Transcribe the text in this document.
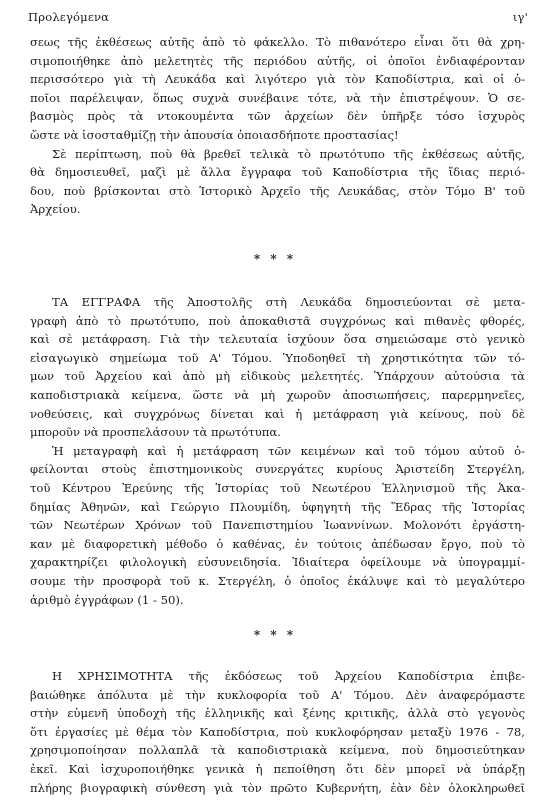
Προλεγόμενα	ιγ'
σεως τῆς ἐκθέσεως αὐτῆς ἀπὸ τὸ φάκελλο. Τὸ πιθανότερο εἶναι ὅτι θὰ χρη-
σιμοποιήθηκε ἀπὸ μελετητὲς τῆς περιόδου αὐτῆς, οἱ ὁποῖοι ἐνδιαφέρονταν
περισσότερο γιὰ τὴ Λευκάδα καὶ λιγότερο γιὰ τὸν Καποδίστρια, καὶ οἱ ὁ-
ποῖοι παρέλειψαν, ὅπως συχνὰ συνέβαινε τότε, νὰ τὴν ἐπιστρέψουν. Ὁ σε-
βασμὸς πρὸς τὰ ντοκουμέντα τῶν ἀρχείων δὲν ὑπῆρξε τόσο ἰσχυρὸς
ὥστε νὰ ἰσοσταθμίζῃ τὴν ἀπουσία ὁποιασδήποτε προστασίας!
Σὲ περίπτωση, ποὺ θὰ βρεθεῖ τελικὰ τὸ πρωτότυπο τῆς ἐκθέσεως αὐτῆς,
θὰ δημοσιευθεῖ, μαζὶ μὲ ἄλλα ἔγγραφα τοῦ Καποδίστρια τῆς ἴδιας περιό-
δου, ποὺ βρίσκονται στὸ Ἱστορικὸ Ἀρχεῖο τῆς Λευκάδας, στὸν Τόμο Β' τοῦ
Ἀρχείου.
* * *
ΤΑ ΕΓΓΡΑΦΑ τῆς Ἀποστολῆς στὴ Λευκάδα δημοσιεύονται σὲ μετα-
γραφὴ ἀπὸ τὸ πρωτότυπο, ποὺ ἀποκαθιστᾶ συγχρόνως καὶ πιθανὲς φθορές,
καὶ σὲ μετάφραση. Γιὰ τὴν τελευταία ἰσχύουν ὅσα σημειώσαμε στὸ γενικὸ
εἰσαγωγικὸ σημείωμα τοῦ Α' Τόμου. Ὑποδοηθεῖ τὴ χρηστικότητα τῶν τό-
μων τοῦ Ἀρχείου καὶ ἀπὸ μὴ εἰδικοὺς μελετητές. Ὑπάρχουν αὐτούσια τὰ
καποδιστριακὰ κείμενα, ὥστε νὰ μὴ χωροῦν ἀποσιωπήσεις, παρερμηνεῖες,
νοθεύσεις, καὶ συγχρόνως δίνεται καὶ ἡ μετάφραση γιὰ κείνους, ποὺ δὲ
μποροῦν νὰ προσπελάσουν τὰ πρωτότυπα.
Ἡ μεταγραφὴ καὶ ἡ μετάφραση τῶν κειμένων καὶ τοῦ τόμου αὐτοῦ ὀ-
φείλονται στοὺς ἐπιστημονικοὺς συνεργάτες κυρίους Ἀριστείδη Στεργέλη,
τοῦ Κέντρου Ἐρεύνης τῆς Ἱστορίας τοῦ Νεωτέρου Ἑλληνισμοῦ τῆς Ἀκα-
δημίας Ἀθηνῶν, καὶ Γεώργιο Πλουμίδη, ὑφηγητὴ τῆς Ἕδρας τῆς Ἱστορίας
τῶν Νεωτέρων Χρόνων τοῦ Πανεπιστημίου Ἰωαννίνων. Μολονότι ἐργάστη-
καν μὲ διαφορετικὴ μέθοδο ὁ καθένας, ἐν τούτοις ἀπέδωσαν ἔργο, ποὺ τὸ
χαρακτηρίζει φιλολογικὴ εὐσυνειδησία. Ἰδιαίτερα ὀφείλουμε νὰ ὑπογραμμί-
σουμε τὴν προσφορὰ τοῦ κ. Στεργέλη, ὁ ὁποῖος ἐκάλυψε καὶ τὸ μεγαλύτερο
ἀριθμὸ ἐγγράφων (1 - 50).
* * *
Η ΧΡΗΣΙΜΟΤΗΤΑ τῆς ἐκδόσεως τοῦ Ἀρχείου Καποδίστρια ἐπιβε-
βαιώθηκε ἀπόλυτα μὲ τὴν κυκλοφορία τοῦ Α' Τόμου. Δὲν ἀναφερόμαστε
στὴν εὐμενῆ ὑποδοχὴ τῆς ἑλληνικῆς καὶ ξένης κριτικῆς, ἀλλὰ στὸ γεγονὸς
ὅτι ἐργασίες μὲ θέμα τὸν Καποδίστρια, ποὺ κυκλοφόρησαν μεταξὺ 1976 - 78,
χρησιμοποίησαν πολλαπλᾶ τὰ καποδιστριακὰ κείμενα, ποὺ δημοσιεύτηκαν
ἐκεῖ. Καὶ ἰσχυροποιήθηκε γενικὰ ἡ πεποίθηση ὅτι δὲν μπορεῖ νὰ ὑπάρξῃ
πλήρης βιογραφικὴ σύνθεση γιὰ τὸν πρῶτο Κυβερνήτη, ἐὰν δὲν ὁλοκληρωθεῖ
